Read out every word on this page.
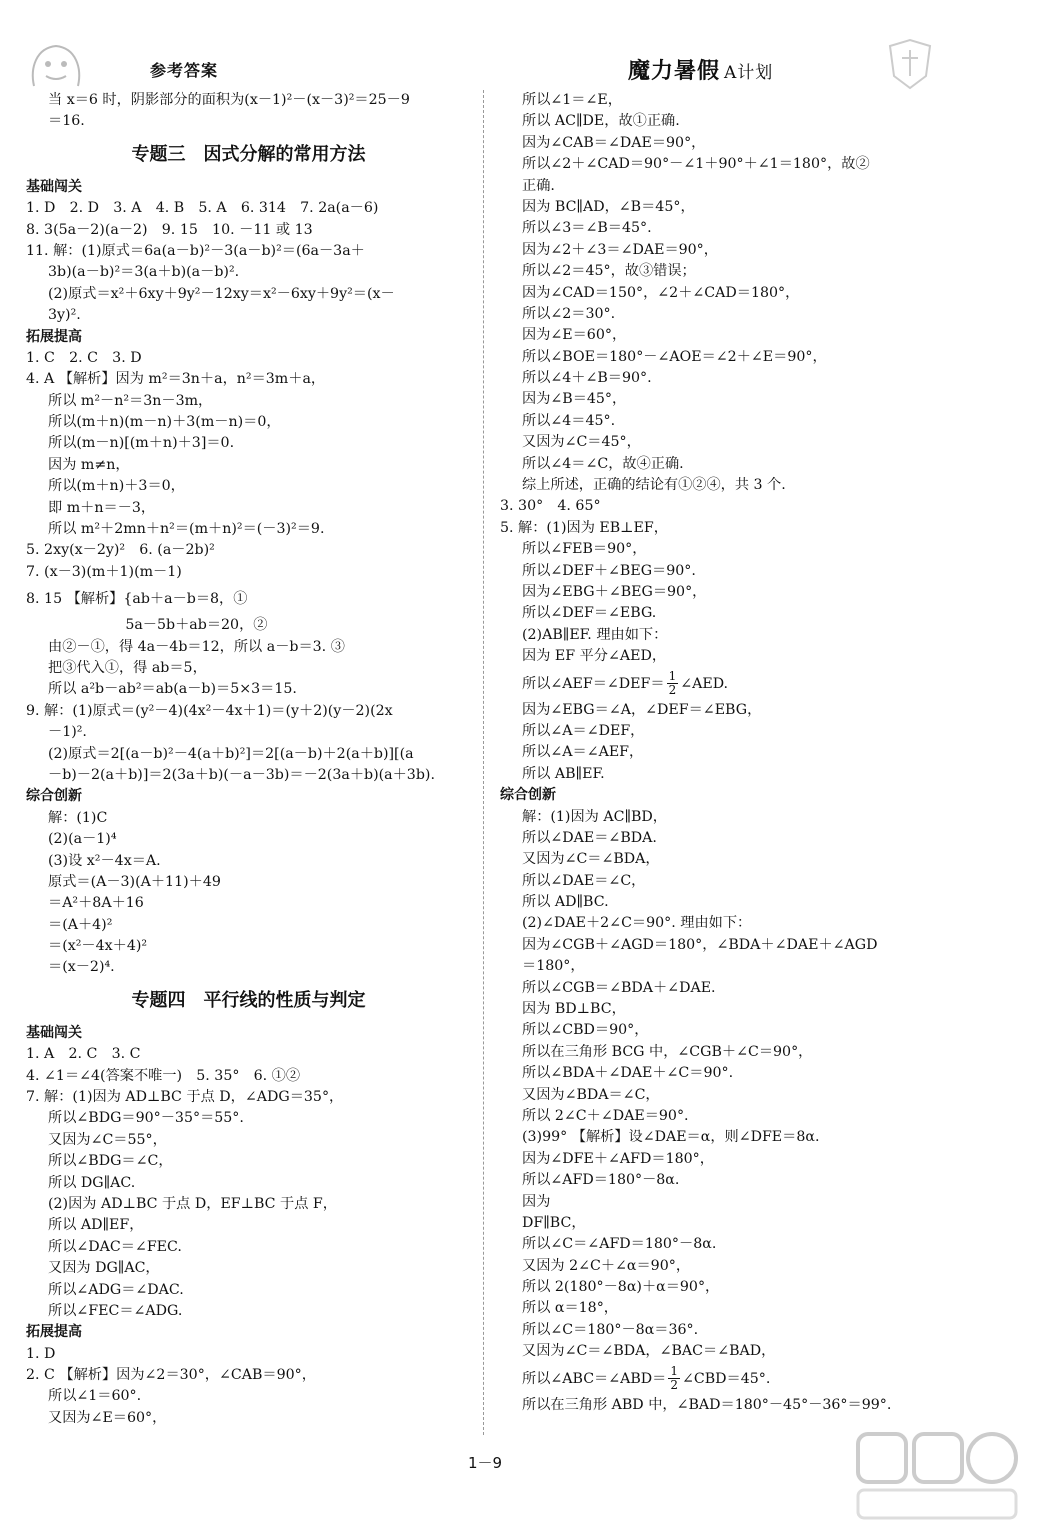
参考答案	魔力暑假 A计划
当 x＝6 时，阴影部分的面积为(x－1)²－(x－3)²＝25－9
＝16.
专题三　因式分解的常用方法
基础闯关
1. D　2. D　3. A　4. B　5. A　6. 314　7. 2a(a－6)
8. 3(5a－2)(a－2)　9. 15　10. －11 或 13
11. 解：(1)原式＝6a(a－b)²－3(a－b)²＝(6a－3a＋
3b)(a－b)²＝3(a＋b)(a－b)².
(2)原式＝x²＋6xy＋9y²－12xy＝x²－6xy＋9y²＝(x－
3y)².
拓展提高
1. C　2. C　3. D
4. A 【解析】因为 m²＝3n＋a，n²＝3m＋a，
所以 m²－n²＝3n－3m，
所以(m＋n)(m－n)＋3(m－n)＝0，
所以(m－n)[(m＋n)＋3]＝0.
因为 m≠n，
所以(m＋n)＋3＝0，
即 m＋n＝－3，
所以 m²＋2mn＋n²＝(m＋n)²＝(－3)²＝9.
5. 2xy(x－2y)²　6. (a－2b)²
7. (x－3)(m＋1)(m－1)
8. 15 【解析】{ab＋a－b＝8，①
　　　　　　　5a－5b＋ab＝20，②
由②－①，得 4a－4b＝12，所以 a－b＝3. ③
把③代入①，得 ab＝5，
所以 a²b－ab²＝ab(a－b)＝5×3＝15.
9. 解：(1)原式＝(y²－4)(4x²－4x＋1)＝(y＋2)(y－2)(2x
－1)².
(2)原式＝2[(a－b)²－4(a＋b)²]＝2[(a－b)＋2(a＋b)][(a
－b)－2(a＋b)]＝2(3a＋b)(－a－3b)＝－2(3a＋b)(a＋3b).
综合创新
解：(1)C
(2)(a－1)⁴
(3)设 x²－4x＝A.
原式＝(A－3)(A＋11)＋49
＝A²＋8A＋16
＝(A＋4)²
＝(x²－4x＋4)²
＝(x－2)⁴.
专题四　平行线的性质与判定
基础闯关
1. A　2. C　3. C
4. ∠1＝∠4(答案不唯一)　5. 35°　6. ①②
7. 解：(1)因为 AD⊥BC 于点 D，∠ADG＝35°，
所以∠BDG＝90°－35°＝55°.
又因为∠C＝55°，
所以∠BDG＝∠C，
所以 DG∥AC.
(2)因为 AD⊥BC 于点 D，EF⊥BC 于点 F，
所以 AD∥EF，
所以∠DAC＝∠FEC.
又因为 DG∥AC，
所以∠ADG＝∠DAC.
所以∠FEC＝∠ADG.
拓展提高
1. D
2. C 【解析】因为∠2＝30°，∠CAB＝90°，
所以∠1＝60°.
又因为∠E＝60°，
所以∠1＝∠E，
所以 AC∥DE，故①正确.
因为∠CAB＝∠DAE＝90°，
所以∠2＋∠CAD＝90°－∠1＋90°＋∠1＝180°，故②
正确.
因为 BC∥AD，∠B＝45°，
所以∠3＝∠B＝45°.
因为∠2＋∠3＝∠DAE＝90°，
所以∠2＝45°，故③错误；
因为∠CAD＝150°，∠2＋∠CAD＝180°，
所以∠2＝30°.
因为∠E＝60°，
所以∠BOE＝180°－∠AOE＝∠2＋∠E＝90°，
所以∠4＋∠B＝90°.
因为∠B＝45°，
所以∠4＝45°.
又因为∠C＝45°，
所以∠4＝∠C，故④正确.
综上所述，正确的结论有①②④，共 3 个.
3. 30°　4. 65°
5. 解：(1)因为 EB⊥EF，
所以∠FEB＝90°，
所以∠DEF＋∠BEG＝90°.
因为∠EBG＋∠BEG＝90°，
所以∠DEF＝∠EBG.
(2)AB∥EF. 理由如下：
因为 EF 平分∠AED，
所以∠AEF＝∠DEF＝ $\frac{1}{2}$ ∠AED.
因为∠EBG＝∠A，∠DEF＝∠EBG，
所以∠A＝∠DEF，
所以∠A＝∠AEF，
所以 AB∥EF.
综合创新
解：(1)因为 AC∥BD，
所以∠DAE＝∠BDA.
又因为∠C＝∠BDA，
所以∠DAE＝∠C，
所以 AD∥BC.
(2)∠DAE＋2∠C＝90°. 理由如下：
因为∠CGB＋∠AGD＝180°，∠BDA＋∠DAE＋∠AGD
＝180°，
所以∠CGB＝∠BDA＋∠DAE.
因为 BD⊥BC，
所以∠CBD＝90°，
所以在三角形 BCG 中，∠CGB＋∠C＝90°，
所以∠BDA＋∠DAE＋∠C＝90°.
又因为∠BDA＝∠C，
所以 2∠C＋∠DAE＝90°.
(3)99° 【解析】设∠DAE＝α，则∠DFE＝8α.
因为∠DFE＋∠AFD＝180°，
所以∠AFD＝180°－8α.
因为
DF∥BC，
所以∠C＝∠AFD＝180°－8α.
又因为 2∠C＋∠α＝90°，
所以 2(180°－8α)＋α＝90°，
所以 α＝18°，
所以∠C＝180°－8α＝36°.
又因为∠C＝∠BDA，∠BAC＝∠BAD，
所以∠ABC＝∠ABD＝ $\frac{1}{2}$ ∠CBD＝45°.
所以在三角形 ABD 中，∠BAD＝180°－45°－36°＝99°.
1－9
